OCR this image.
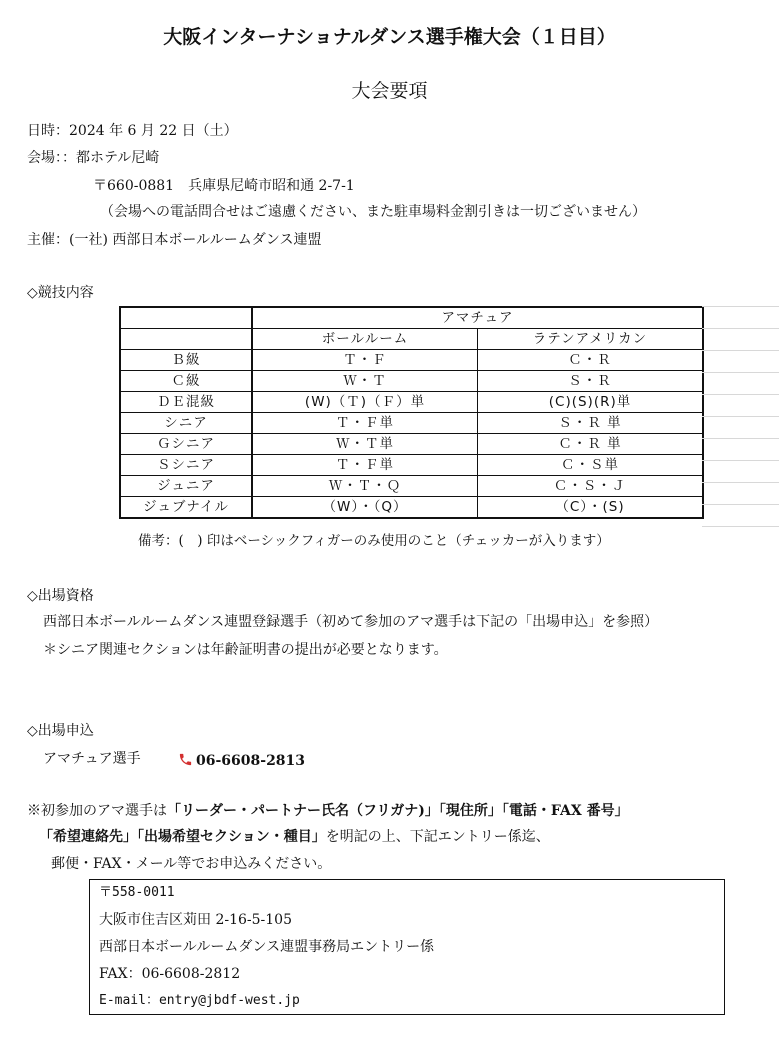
大阪インターナショナルダンス選手権大会（１日目）
大会要項
日時：2024 年 6 月 22 日（土）
会場：：都ホテル尼崎
〒660-0881　兵庫県尼崎市昭和通 2-7-1
（会場への電話問合せはご遠慮ください、また駐車場料金割引きは一切ございません）
主催：(一社) 西部日本ボールルームダンス連盟
◇競技内容
	アマチュア	
	ボールルーム	ラテンアメリカン
Ｂ級	Ｔ・Ｆ	Ｃ・Ｒ
Ｃ級	Ｗ・Ｔ	Ｓ・Ｒ
ＤＥ混級	(W)（Ｔ)（Ｆ）単	(C)(S)(R)単
シニア	Ｔ・Ｆ単	Ｓ・Ｒ 単
Ｇシニア	Ｗ・Ｔ単	Ｃ・Ｒ 単
Ｓシニア	Ｔ・Ｆ単	Ｃ・Ｓ単
ジュニア	Ｗ・Ｔ・Ｑ	Ｃ・Ｓ・Ｊ
ジュブナイル	（W）・（Q）	（C）・(S)
備考：(　) 印はベーシックフィガーのみ使用のこと（チェッカーが入ります）
◇出場資格
西部日本ボールルームダンス連盟登録選手（初めて参加のアマ選手は下記の「出場申込」を参照）
＊シニア関連セクションは年齢証明書の提出が必要となります。
◇出場申込
アマチュア選手	06-6608-2813
※初参加のアマ選手は「リーダー・パートナー氏名（フリガナ)」「現住所」「電話・FAX 番号」
「希望連絡先」「出場希望セクション・種目」を明記の上、下記エントリー係迄、
郵便・FAX・メール等でお申込みください。
〒558-0011
大阪市住吉区苅田 2-16-5-105
西部日本ボールルームダンス連盟事務局エントリー係
FAX：06-6608-2812
E-mail：entry@jbdf-west.jp
